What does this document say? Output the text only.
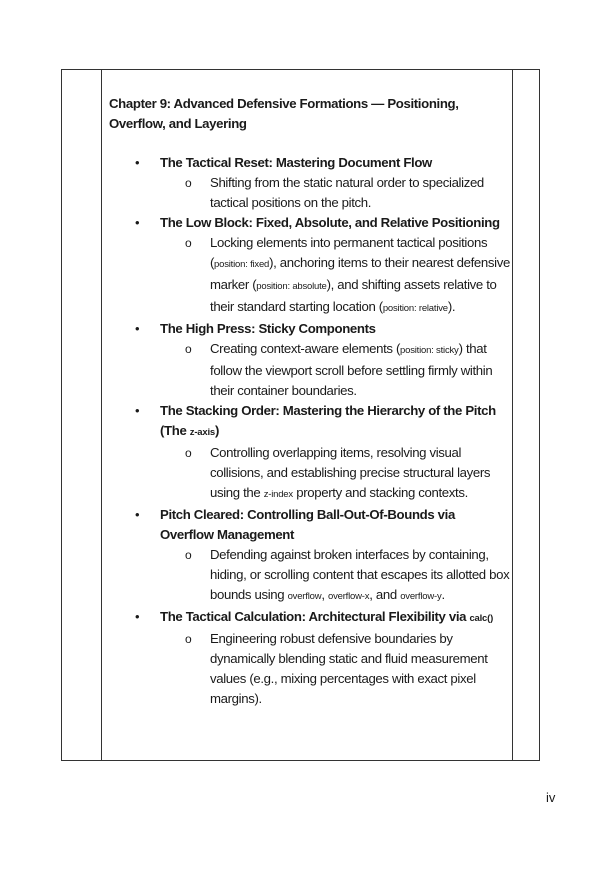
Chapter 9: Advanced Defensive Formations — Positioning, Overflow, and Layering
• The Tactical Reset: Mastering Document Flow
o Shifting from the static natural order to specialized tactical positions on the pitch.
• The Low Block: Fixed, Absolute, and Relative Positioning
o Locking elements into permanent tactical positions (position: fixed), anchoring items to their nearest defensive marker (position: absolute), and shifting assets relative to their standard starting location (position: relative).
• The High Press: Sticky Components
o Creating context-aware elements (position: sticky) that follow the viewport scroll before settling firmly within their container boundaries.
• The Stacking Order: Mastering the Hierarchy of the Pitch (The z-axis)
o Controlling overlapping items, resolving visual collisions, and establishing precise structural layers using the z-index property and stacking contexts.
• Pitch Cleared: Controlling Ball-Out-Of-Bounds via Overflow Management
o Defending against broken interfaces by containing, hiding, or scrolling content that escapes its allotted box bounds using overflow, overflow-x, and overflow-y.
• The Tactical Calculation: Architectural Flexibility via calc()
o Engineering robust defensive boundaries by dynamically blending static and fluid measurement values (e.g., mixing percentages with exact pixel margins).
iv
